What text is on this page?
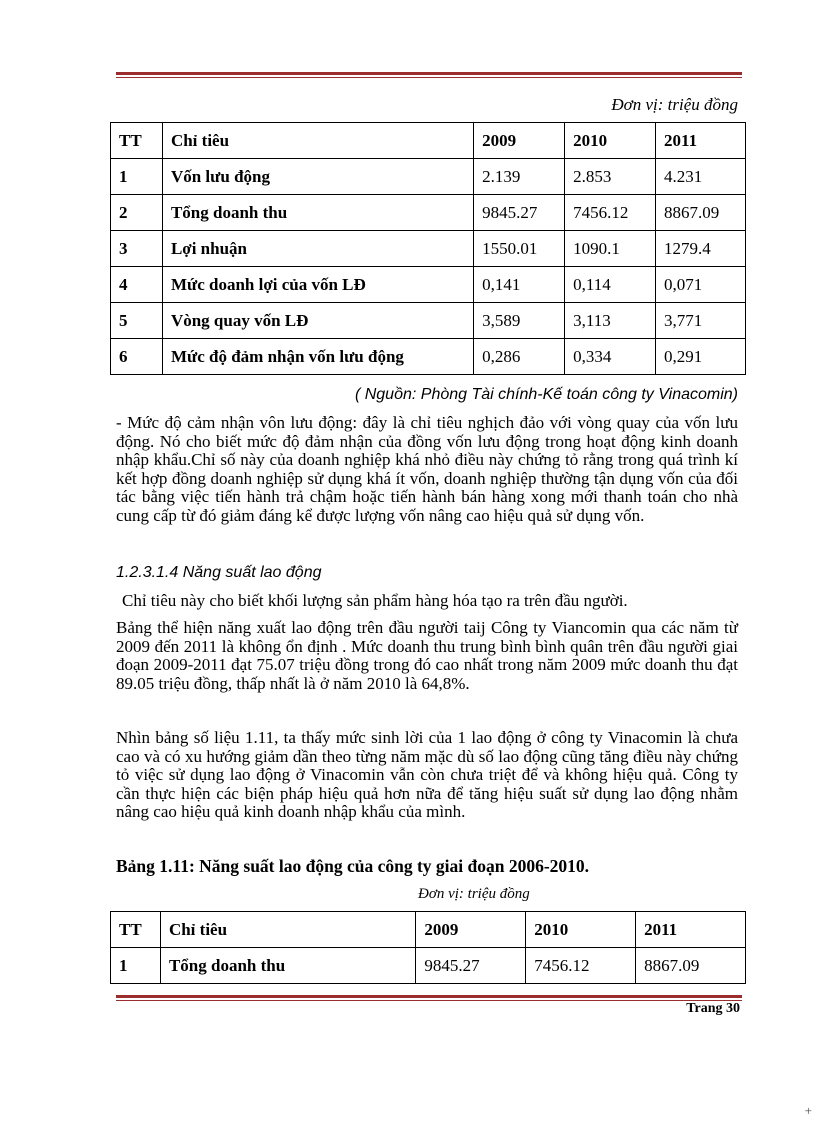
Đơn vị: triệu đồng
TT	Chỉ tiêu	2009	2010	2011
1	Vốn lưu động	2.139	2.853	4.231
2	Tổng doanh thu	9845.27	7456.12	8867.09
3	Lợi nhuận	1550.01	1090.1	1279.4
4	Mức doanh lợi của vốn LĐ	0,141	0,114	0,071
5	Vòng quay vốn LĐ	3,589	3,113	3,771
6	Mức độ đảm nhận vốn lưu động	0,286	0,334	0,291
( Nguồn: Phòng Tài chính-Kế toán công ty Vinacomin)

- Mức độ cảm nhận vôn lưu động: đây là chỉ tiêu nghịch đảo với vòng quay của vốn lưu động. Nó cho biết mức độ đảm nhận của đồng vốn lưu động trong hoạt động kinh doanh nhập khẩu.Chỉ số này của doanh nghiệp khá nhỏ điều này chứng tỏ rằng trong quá trình kí kết hợp đồng doanh nghiệp sử dụng khá ít vốn, doanh nghiệp thường tận dụng vốn của đối tác bằng việc tiến hành trả chậm hoặc tiến hành bán hàng xong mới thanh toán cho nhà cung cấp từ đó giảm đáng kể được lượng vốn nâng cao hiệu quả sử dụng vốn.

1.2.3.1.4 Năng suất lao động

Chỉ tiêu này cho biết khối lượng sản phẩm hàng hóa tạo ra trên đầu người.

Bảng thể hiện năng xuất lao động trên đầu người taij Công ty Viancomin qua các năm từ 2009 đến 2011 là không ổn định . Mức doanh thu trung bình bình quân trên đầu người giai đoạn 2009-2011 đạt 75.07 triệu đồng trong đó cao nhất trong năm 2009 mức doanh thu đạt 89.05 triệu đồng, thấp nhất là ở năm 2010 là 64,8%.

Nhìn bảng số liệu 1.11, ta thấy mức sinh lời của 1 lao động ở công ty Vinacomin là chưa cao và có xu hướng giảm dần theo từng năm mặc dù số lao động cũng tăng điều này chứng tỏ việc sử dụng lao động ở Vinacomin vẫn còn chưa triệt để và không hiệu quả. Công ty cần thực hiện các biện pháp hiệu quả hơn nữa để tăng hiệu suất sử dụng lao động nhằm nâng cao hiệu quả kinh doanh nhập khẩu của mình.

Bảng 1.11: Năng suất lao động của công ty giai đoạn 2006-2010.
Đơn vị: triệu đồng
TT	Chỉ tiêu	2009	2010	2011
1	Tổng doanh thu	9845.27	7456.12	8867.09
Trang 30
+
